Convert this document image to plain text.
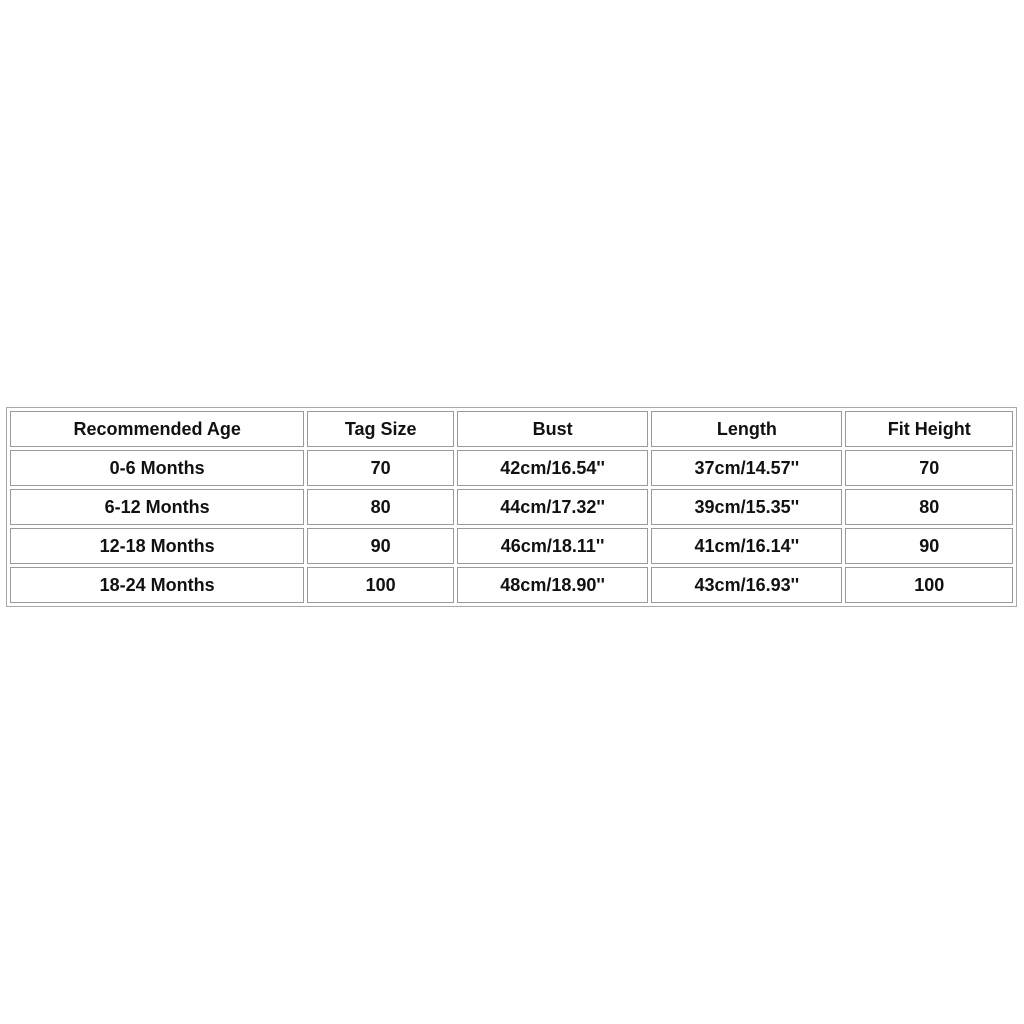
Recommended Age	Tag Size	Bust	Length	Fit Height
0-6 Months	70	42cm/16.54''	37cm/14.57''	70
6-12 Months	80	44cm/17.32''	39cm/15.35''	80
12-18 Months	90	46cm/18.11''	41cm/16.14''	90
18-24 Months	100	48cm/18.90''	43cm/16.93''	100
